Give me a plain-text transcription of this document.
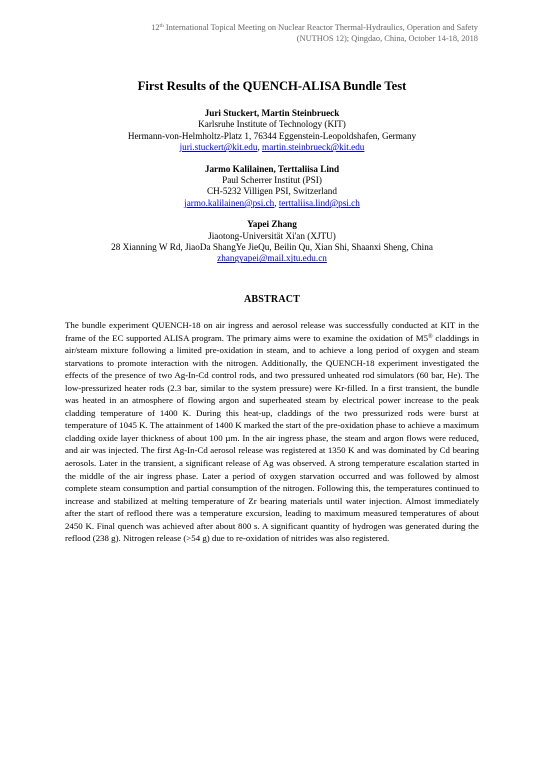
12th International Topical Meeting on Nuclear Reactor Thermal-Hydraulics, Operation and Safety
(NUTHOS 12); Qingdao, China, October 14-18, 2018
First Results of the QUENCH-ALISA Bundle Test
Juri Stuckert, Martin Steinbrueck
Karlsruhe Institute of Technology (KIT)
Hermann-von-Helmholtz-Platz 1, 76344 Eggenstein-Leopoldshafen, Germany
juri.stuckert@kit.edu, martin.steinbrueck@kit.edu
Jarmo Kalilainen, Terttaliisa Lind
Paul Scherrer Institut (PSI)
CH-5232 Villigen PSI, Switzerland
jarmo.kalilainen@psi.ch, terttaliisa.lind@psi.ch
Yapei Zhang
Jiaotong-Universität Xi'an (XJTU)
28 Xianning W Rd, JiaoDa ShangYe JieQu, Beilin Qu, Xian Shi, Shaanxi Sheng, China
zhangyapei@mail.xjtu.edu.cn
ABSTRACT
The bundle experiment QUENCH-18 on air ingress and aerosol release was successfully conducted at KIT in the frame of the EC supported ALISA program. The primary aims were to examine the oxidation of M5® claddings in air/steam mixture following a limited pre-oxidation in steam, and to achieve a long period of oxygen and steam starvations to promote interaction with the nitrogen. Additionally, the QUENCH-18 experiment investigated the effects of the presence of two Ag-In-Cd control rods, and two pressured unheated rod simulators (60 bar, He). The low-pressurized heater rods (2.3 bar, similar to the system pressure) were Kr-filled. In a first transient, the bundle was heated in an atmosphere of flowing argon and superheated steam by electrical power increase to the peak cladding temperature of 1400 K. During this heat-up, claddings of the two pressurized rods were burst at temperature of 1045 K. The attainment of 1400 K marked the start of the pre-oxidation phase to achieve a maximum cladding oxide layer thickness of about 100 µm. In the air ingress phase, the steam and argon flows were reduced, and air was injected. The first Ag-In-Cd aerosol release was registered at 1350 K and was dominated by Cd bearing aerosols. Later in the transient, a significant release of Ag was observed. A strong temperature escalation started in the middle of the air ingress phase. Later a period of oxygen starvation occurred and was followed by almost complete steam consumption and partial consumption of the nitrogen. Following this, the temperatures continued to increase and stabilized at melting temperature of Zr bearing materials until water injection. Almost immediately after the start of reflood there was a temperature excursion, leading to maximum measured temperatures of about 2450 K. Final quench was achieved after about 800 s. A significant quantity of hydrogen was generated during the reflood (238 g). Nitrogen release (>54 g) due to re-oxidation of nitrides was also registered.
